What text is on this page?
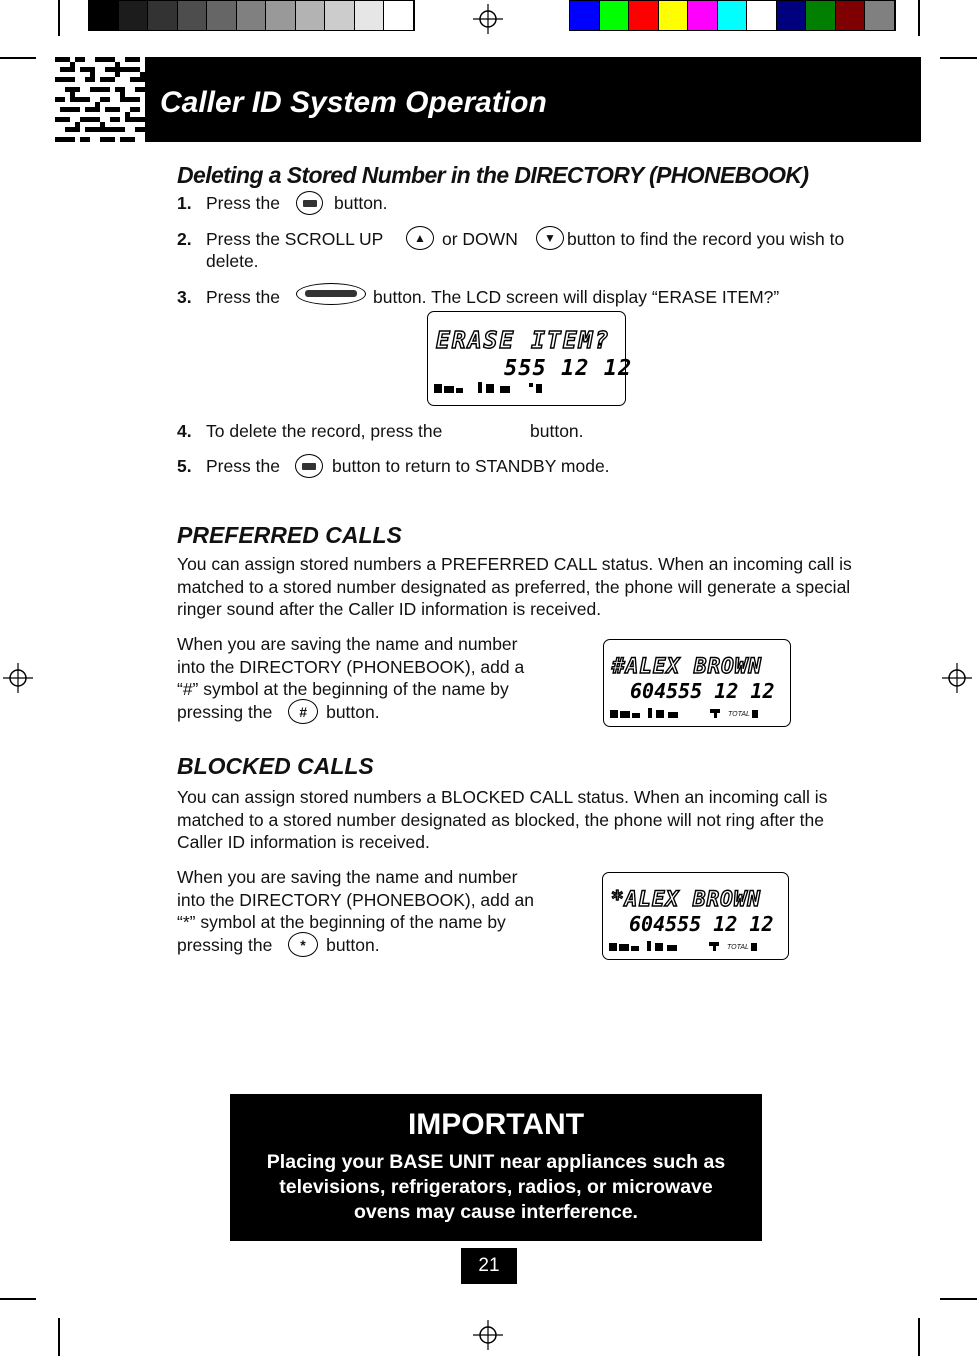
Caller ID System Operation
Deleting a Stored Number in the DIRECTORY (PHONEBOOK)
1. Press the	button.
2. Press the SCROLL UP	▲ or DOWN	▼ button to find the record you wish to
delete.
3. Press the	button. The LCD screen will display “ERASE ITEM?”
ERASE ITEM?
555 12 12
4. To delete the record, press the	button.
5. Press the	button to return to STANDBY mode.
PREFERRED CALLS
You can assign stored numbers a PREFERRED CALL status. When an incoming call is matched to a stored number designated as preferred, the phone will generate a special ringer sound after the Caller ID information is received.
When you are saving the name and number into the DIRECTORY (PHONEBOOK), add a “#” symbol at the beginning of the name by pressing the	button.
#
#ALEX BROWN
604555 12 12
TOTAL
BLOCKED CALLS
You can assign stored numbers a BLOCKED CALL status. When an incoming call is matched to a stored number designated as blocked, the phone will not ring after the Caller ID information is received.
When you are saving the name and number into the DIRECTORY (PHONEBOOK), add an “*” symbol at the beginning of the name by pressing the	button.
*
*ALEX BROWN
604555 12 12
TOTAL
IMPORTANT
Placing your BASE UNIT near appliances such as televisions, refrigerators, radios, or microwave ovens may cause interference.
21
